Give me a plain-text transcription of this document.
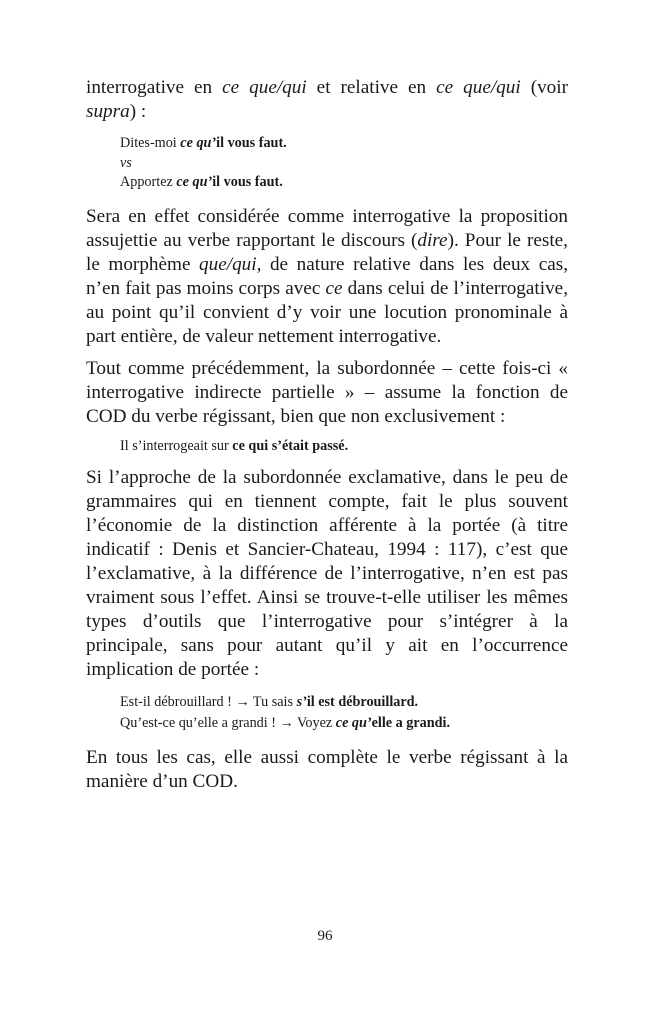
interrogative en ce que/qui et relative en ce que/qui (voir supra) :

Dites-moi ce qu’il vous faut.
vs
Apportez ce qu’il vous faut.

Sera en effet considérée comme interrogative la proposition assujettie au verbe rapportant le discours (dire). Pour le reste, le morphème que/qui, de nature relative dans les deux cas, n’en fait pas moins corps avec ce dans celui de l’interrogative, au point qu’il convient d’y voir une locution pronominale à part entière, de valeur nettement interrogative.

Tout comme précédemment, la subordonnée – cette fois-ci « interrogative indirecte partielle » – assume la fonction de COD du verbe régissant, bien que non exclusivement :

Il s’interrogeait sur ce qui s’était passé.

Si l’approche de la subordonnée exclamative, dans le peu de grammaires qui en tiennent compte, fait le plus souvent l’économie de la distinction afférente à la portée (à titre indicatif : Denis et Sancier-Chateau, 1994 : 117), c’est que l’exclamative, à la différence de l’interrogative, n’en est pas vraiment sous l’effet. Ainsi se trouve-t-elle utiliser les mêmes types d’outils que l’interrogative pour s’intégrer à la principale, sans pour autant qu’il y ait en l’occurrence implication de portée :

Est-il débrouillard ! → Tu sais s’il est débrouillard.
Qu’est-ce qu’elle a grandi ! → Voyez ce qu’elle a grandi.

En tous les cas, elle aussi complète le verbe régissant à la manière d’un COD.

96
